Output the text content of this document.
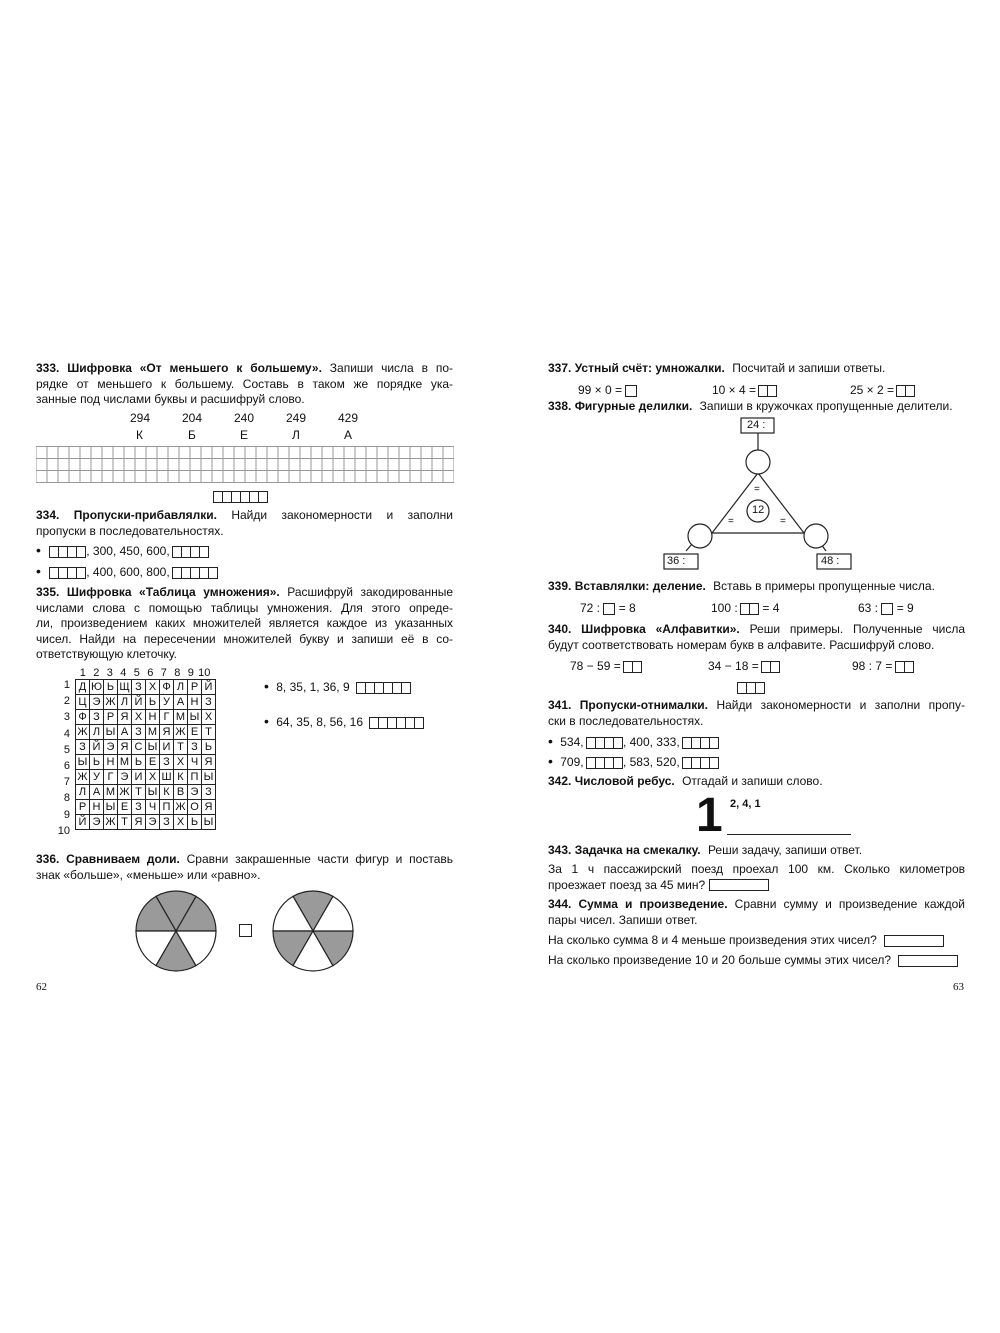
333. Шифровка «От меньшего к большему». Запиши числа в по-
рядке от меньшего к большему. Составь в таком же порядке ука-
занные под числами буквы и расшифруй слово.
294	204	240	249	429
К	Б	Е	Л	А
334. Пропуски-прибавлялки. Найди закономерности и заполни
пропуски в последовательностях.
•	, 300, 450, 600,
•	, 400, 600, 800,
335. Шифровка «Таблица умножения». Расшифруй закодированные
числами слова с помощью таблицы умножения. Для этого опреде-
ли, произведением каких множителей является каждое из указанных
чисел. Найди на пересечении множителей букву и запиши её в со-
ответствующую клеточку.
1 2 3 4 5 6 7 8 9 10
1
2
3
4
5
6
7
8
9
10
Д	Ю	Ь	Щ	З	Х	Ф	Л	Р	Й
Ц	Э	Ж	Л	Й	Ь	У	А	Н	З
Ф	З	Р	Я	Х	Н	Г	М	Ы	Х
Ж	Л	Ы	А	З	М	Я	Ж	Е	Т
З	Й	Э	Я	С	Ы	И	Т	З	Ь
Ы	Ь	Н	М	Ь	Е	З	Х	Ч	Я
Ж	У	Г	Э	И	Х	Ш	К	П	Ы
Л	А	М	Ж	Т	Ы	К	В	Э	З
Р	Н	Ы	Е	З	Ч	П	Ж	О	Я
Й	Э	Ж	Т	Я	Э	З	Х	Ь	Ы
• 8, 35, 1, 36, 9
• 64, 35, 8, 56, 16
336. Сравниваем доли. Сравни закрашенные части фигур и поставь
знак «больше», «меньше» или «равно».
62
337. Устный счёт: умножалки. Посчитай и запиши ответы.
99 × 0 =	10 × 4 =	25 × 2 =
338. Фигурные делилки. Запиши в кружочках пропущенные делители.
24 :
12
36 :	48 :
=
=	=
339. Вставлялки: деление. Вставь в примеры пропущенные числа.
72 : = 8	100 : = 4	63 : = 9
340. Шифровка «Алфавитки». Реши примеры. Полученные числа
будут соответствовать номерам букв в алфавите. Расшифруй слово.
78 − 59 =	34 − 18 =	98 : 7 =
341. Пропуски-отнималки. Найди закономерности и заполни пропу-
ски в последовательностях.
• 534,	, 400, 333,
• 709,	, 583, 520,
342. Числовой ребус. Отгадай и запиши слово.
1 2, 4, 1
343. Задачка на смекалку. Реши задачу, запиши ответ.
За 1 ч пассажирский поезд проехал 100 км. Сколько километров
проезжает поезд за 45 мин?
344. Сумма и произведение. Сравни сумму и произведение каждой
пары чисел. Запиши ответ.
На сколько сумма 8 и 4 меньше произведения этих чисел?
На сколько произведение 10 и 20 больше суммы этих чисел?
63
